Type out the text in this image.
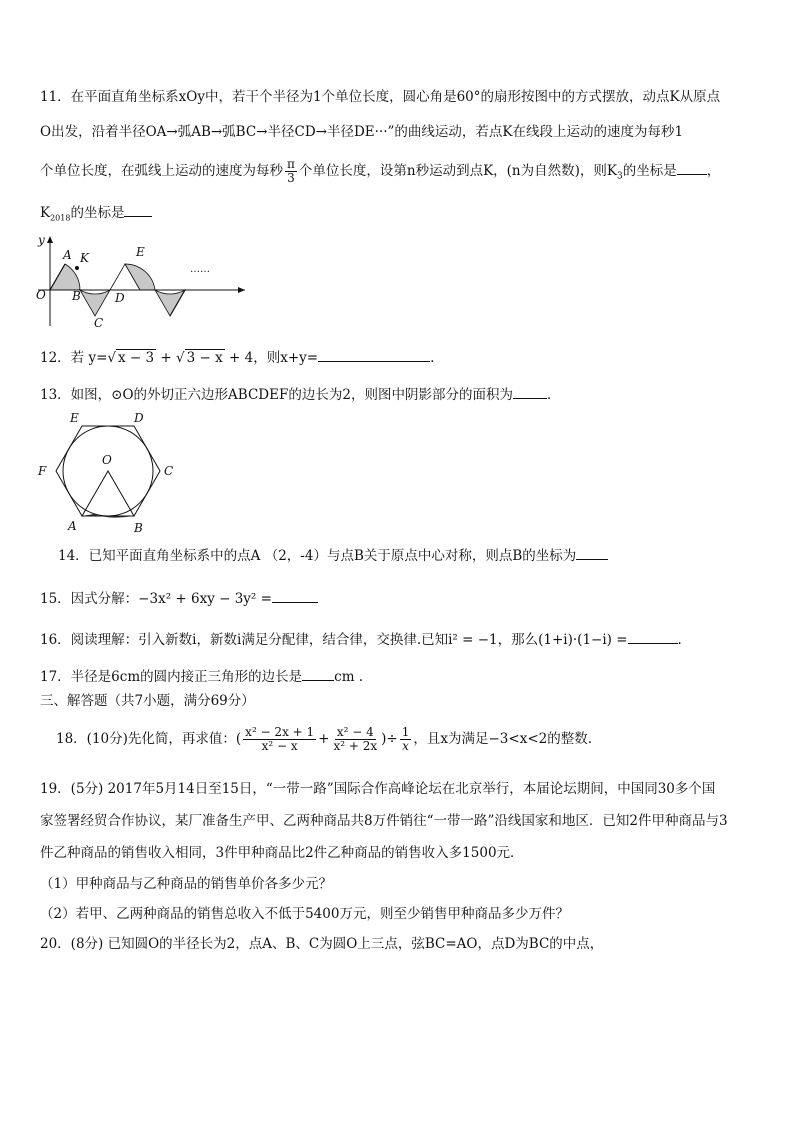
11．在平面直角坐标系xOy中，若干个半径为1个单位长度，圆心角是60°的扇形按图中的方式摆放，动点K从原点
O出发，沿着半径OA→弧AB→弧BC→半径CD→半径DE···”的曲线运动，若点K在线段上运动的速度为每秒1
个单位长度，在弧线上运动的速度为每秒 $\frac{\pi}{3}$ 个单位长度，设第n秒运动到点K，(n为自然数)，则$K_3$的坐标是 ，
$K_{2018}$的坐标是
y
O
A K
B
C
D
E
……
12．若 y=√ x − 3 + √ 3 − x + 4，则x+y=	.
13．如图，⊙O的外切正六边形ABCDEF的边长为2，则图中阴影部分的面积为	．
E	D
F	C
O
A	B
14．已知平面直角坐标系中的点A （2，-4）与点B关于原点中心对称，则点B的坐标为
15．因式分解：−3x² + 6xy − 3y² =
16．阅读理解：引入新数i，新数i满足分配律，结合律，交换律.已知i² = −1，那么(1+i)·(1−i) =	.
17．半径是6cm的圆内接正三角形的边长是 cm .
三、解答题（共7小题，满分69分）
18．(10分)先化简，再求值：( $\frac{\text{x² − 2x + 1}}{\text{x² − x}} + \frac{\text{x² − 4}}{\text{x² + 2x}}$ )÷ $\frac{1}{x}$ ，且x为满足−3<x<2的整数.
19．(5分) 2017年5月14日至15日，“一带一路”国际合作高峰论坛在北京举行，本届论坛期间，中国同30多个国
家签署经贸合作协议，某厂准备生产甲、乙两种商品共8万件销往“一带一路”沿线国家和地区．已知2件甲种商品与3
件乙种商品的销售收入相同，3件甲种商品比2件乙种商品的销售收入多1500元．
（1）甲种商品与乙种商品的销售单价各多少元？
（2）若甲、乙两种商品的销售总收入不低于5400万元，则至少销售甲种商品多少万件？
20．(8分) 已知圆O的半径长为2，点A、B、C为圆O上三点，弦BC=AO，点D为BC的中点，
